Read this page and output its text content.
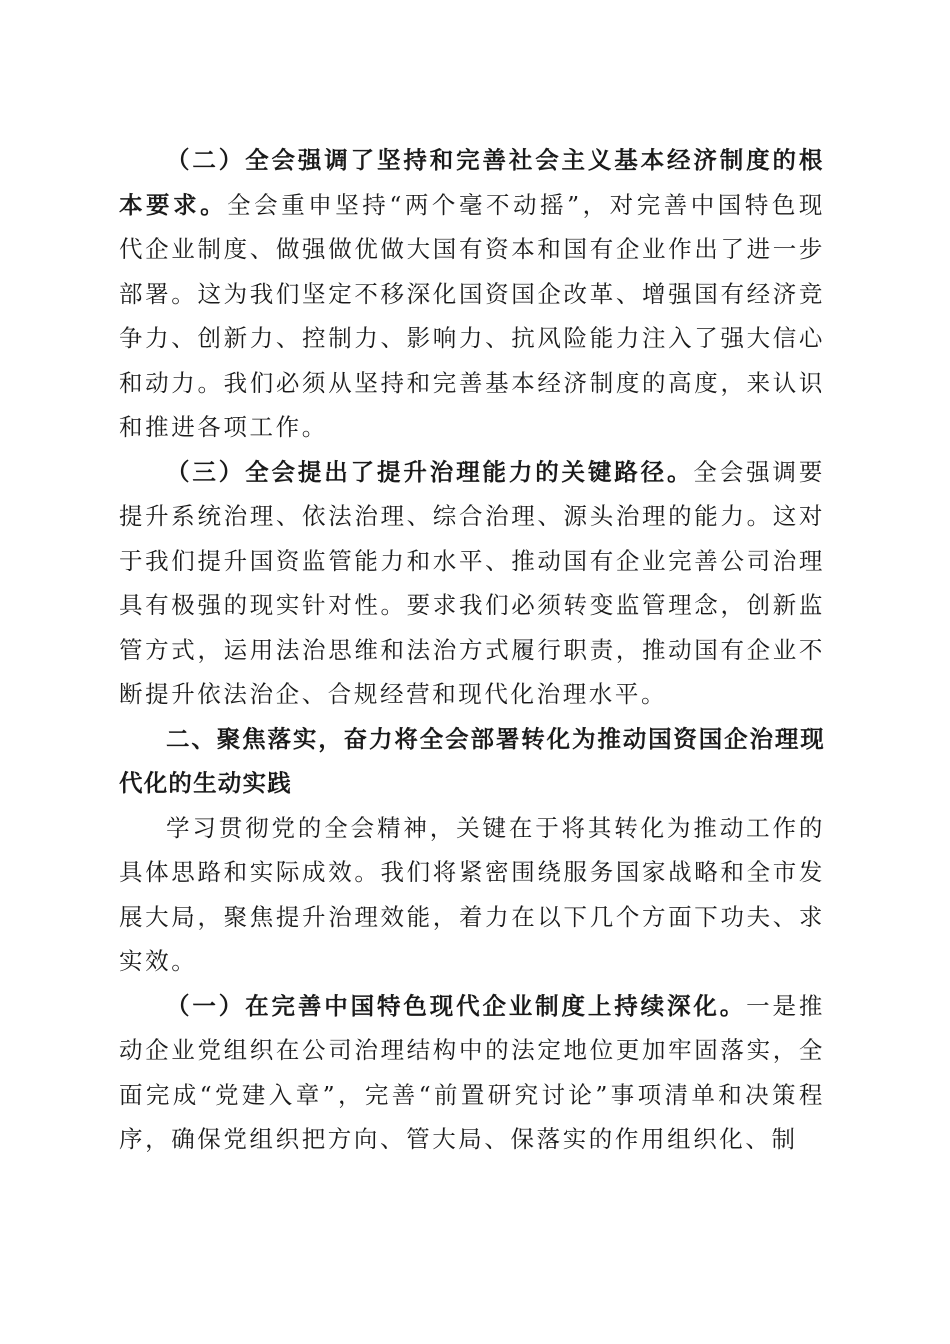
（二）全会强调了坚持和完善社会主义基本经济制度的根本要求。全会重申坚持“两个毫不动摇”，对完善中国特色现代企业制度、做强做优做大国有资本和国有企业作出了进一步部署。这为我们坚定不移深化国资国企改革、增强国有经济竞争力、创新力、控制力、影响力、抗风险能力注入了强大信心和动力。我们必须从坚持和完善基本经济制度的高度，来认识和推进各项工作。

（三）全会提出了提升治理能力的关键路径。全会强调要提升系统治理、依法治理、综合治理、源头治理的能力。这对于我们提升国资监管能力和水平、推动国有企业完善公司治理具有极强的现实针对性。要求我们必须转变监管理念，创新监管方式，运用法治思维和法治方式履行职责，推动国有企业不断提升依法治企、合规经营和现代化治理水平。

二、聚焦落实，奋力将全会部署转化为推动国资国企治理现代化的生动实践

学习贯彻党的全会精神，关键在于将其转化为推动工作的具体思路和实际成效。我们将紧密围绕服务国家战略和全市发展大局，聚焦提升治理效能，着力在以下几个方面下功夫、求实效。

（一）在完善中国特色现代企业制度上持续深化。一是推动企业党组织在公司治理结构中的法定地位更加牢固落实，全面完成“党建入章”，完善“前置研究讨论”事项清单和决策程序，确保党组织把方向、管大局、保落实的作用组织化、制
